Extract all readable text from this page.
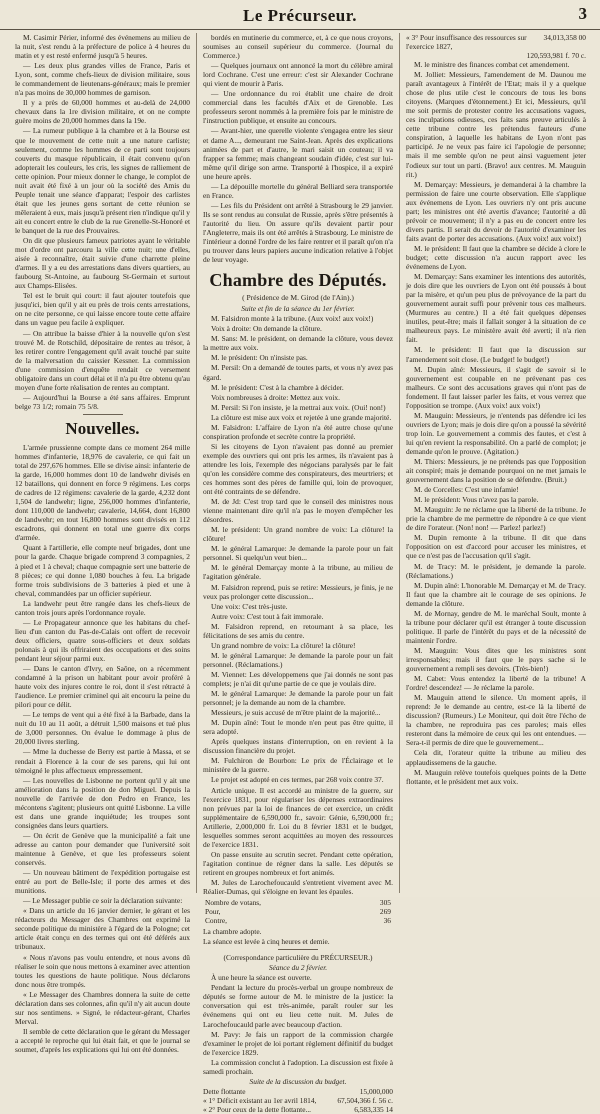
Le Précurseur.	3

M. Casimir Périer, informé des événemens au milieu de la nuit, s'est rendu à la préfecture de police à 4 heures du matin et y est resté enfermé jusqu'à 5 heures.

— Les deux plus grandes villes de France, Paris et Lyon, sont, comme chefs-lieux de division militaire, sous le commandement de lieutenans-généraux; mais le premier n'a pas moins de 30,000 hommes de garnison.

Il y a près de 60,000 hommes et au-delà de 24,000 chevaux dans la 1re division militaire, et on ne compte guère moins de 20,000 hommes dans la 19e.

— La rumeur publique à la chambre et à la Bourse est que le mouvement de cette nuit a une nature carliste; seulement, comme les hommes de ce parti sont toujours couverts du masque républicain, il était convenu qu'on adopterait les couleurs, les cris, les signes de ralliement de cette opinion. Pour mieux donner le change, le complot de nuit avait été fixé à un jour où la société des Amis du Peuple tenait une séance d'apparat; l'espoir des carlistes était que les jeunes gens sortant de cette réunion se mêleraient à eux, mais jusqu'à présent rien n'indique qu'il y ait eu concert entre le club de la rue Grenelle-St-Honoré et le banquet de la rue des Prouvaires.

On dit que plusieurs fameux patriotes ayant le véritable mot d'ordre ont parcouru la ville cette nuit; une d'elles, aisée à reconnaître, était suivie d'une charrette pleine d'armes. Il y a eu des arrestations dans divers quartiers, au faubourg St-Antoine, au faubourg St-Germain et surtout aux Champs-Elisées.

Tel est le bruit qui court: il faut ajouter toutefois que jusqu'ici, bien qu'il y ait eu près de trois cents arrestations, on ne cite personne, ce qui laisse encore toute cette affaire dans un vague peu facile à expliquer.

— On attribue la baisse d'hier à la nouvelle qu'on s'est trouvé M. de Rotschild, dépositaire de rentes au trésor, à les retirer contre l'engagement qu'il avait touché par suite de la malversation du caissier Kessner. La commission d'une commission d'enquête rendait ce versement obligatoire dans un court délai et il n'a pu être obtenu qu'au moyen d'une forte réalisation de rentes au comptant.

— Aujourd'hui la Bourse a été sans affaires. Emprunt belge 73 1/2; romain 75 5/8.

Nouvelles.

L'armée prussienne compte dans ce moment 264 mille hommes d'infanterie, 18,976 de cavalerie, ce qui fait un total de 297,676 hommes. Elle se divise ainsi: infanterie de la garde, 16,000 hommes dont 10 de landwehr divisés en 12 bataillons, qui donnent en force 9 régimens. Les corps de cadres de 12 régimens: cavalerie de la garde, 4,232 dont 1,504 de landwehr; ligne, 256,000 hommes d'infanterie, dont 110,000 de landwehr; cavalerie, 14,664, dont 16,800 de landwehr; en tout 16,800 hommes sont divisés en 112 escadrons, qui donnent en total une guerre dix corps d'armée.

Quant à l'artillerie, elle compte neuf brigades, dont une pour la garde. Chaque brigade comprend 3 compagnies, 2 à pied et 1 à cheval; chaque compagnie sert une batterie de 8 pièces; ce qui donne 1,080 bouches à feu. La brigade forme trois subdivisions de 3 batteries à pied et une à cheval, commandées par un officier supérieur.

La landwehr peut être rangée dans les chefs-lieux de canton trois jours après l'ordonnance royale.

— Le Propagateur annonce que les habitans du chef-lieu d'un canton du Pas-de-Calais ont offert de recevoir deux officiers, quatre sous-officiers et deux soldats polonais à qui ils offriraient des occupations et des soins pendant leur séjour parmi eux.

— Dans le canton d'Ivry, en Saône, on a récemment condamné à la prison un habitant pour avoir proféré à haute voix des injures contre le roi, dont il s'est rétracté à l'audience. Le premier criminel qui ait encouru la peine du pilori pour ce délit.

— Le temps de vent qui a été fixé à la Barbade, dans la nuit du 10 au 11 août, a détruit 1,500 maisons et tué plus de 3,000 personnes. On évalue le dommage à plus de 20,000 livres sterling.

— Mme la duchesse de Berry est partie à Massa, et se rendait à Florence à la cour de ses parens, qui lui ont témoigné le plus affectueux empressement.

— Les nouvelles de Lisbonne ne portent qu'il y ait une amélioration dans la position de don Miguel. Depuis la nouvelle de l'arrivée de don Pedro en France, les mécontens s'agitent; plusieurs ont quitté Lisbonne. La ville est dans une grande inquiétude; les troupes sont consignées dans leurs quartiers.

— On écrit de Genève que la municipalité a fait une adresse au canton pour demander que l'université soit maintenue à Genève, et que les professeurs soient conservés.

— Un nouveau bâtiment de l'expédition portugaise est entré au port de Belle-Isle; il porte des armes et des munitions.

— Le Messager publie ce soir la déclaration suivante:

« Dans un article du 16 janvier dernier, le gérant et les rédacteurs du Messager des Chambres ont exprimé la seconde politique du ministère à l'égard de la Pologne; cet article était conçu en des termes qui ont été déférés aux tribunaux.

« Nous n'avons pas voulu entendre, et nous avons dû réaliser le soin que nous mettons à examiner avec attention toutes les questions de haute politique. Nous déclarons donc nous être trompés.

« Le Messager des Chambres donnera la suite de cette déclaration dans ses colonnes, afin qu'il n'y ait aucun doute sur nos sentimens. » Signé, le rédacteur-gérant, Charles Merval.

Il semble de cette déclaration que le gérant du Messager a accepté le reproche qui lui était fait, et que le journal se soumet, d'après les explications qui lui ont été données.

bordés en mutinerie du commerce, et, à ce que nous croyons, soumises au conseil supérieur du commerce. (Journal du Commerce.)

— Quelques journaux ont annoncé la mort du célèbre amiral lord Cochrane. C'est une erreur: c'est sir Alexander Cochrane qui vient de mourir à Paris.

— Une ordonnance du roi établit une chaire de droit commercial dans les facultés d'Aix et de Grenoble. Les professeurs seront nommés à la première fois par le ministre de l'instruction publique, et ensuite au concours.

— Avant-hier, une querelle violente s'engagea entre les sieur et dame A..., demeurant rue Saint-Jean. Après des explications animées de part et d'autre, le mari saisit un couteau; il va frapper sa femme; mais changeant soudain d'idée, c'est sur lui-même qu'il dirige son arme. Transporté à l'hospice, il a expiré une heure après.

— La dépouille mortelle du général Belliard sera transportée en France.

— Les fils du Président ont arrêté à Strasbourg le 29 janvier. Ils se sont rendus au consulat de Russie, après s'être présentés à l'autorité du lieu. On assure qu'ils devaient partir pour l'Angleterre, mais ils ont été arrêtés à Strasbourg. Le ministre de l'intérieur a donné l'ordre de les faire rentrer et il paraît qu'on n'a pu trouver dans leurs papiers aucune indication relative à l'objet de leur voyage.

Chambre des Députés.
( Présidence de M. Girod (de l'Ain).)

Suite et fin de la séance du 1er février.

M. Falsidron monte à la tribune. (Aux voix! aux voix!)

Voix à droite: On demande la clôture.

M. Sans: M. le président, on demande la clôture, vous devez la mettre aux voix.

M. le président: On n'insiste pas.

M. Persil: On a demandé de toutes parts, et vous n'y avez pas égard.

M. le président: C'est à la chambre à décider.

Voix nombreuses à droite: Mettez aux voix.

M. Persil: Si l'on insiste, je la mettrai aux voix. (Oui! non!)

La clôture est mise aux voix et rejetée à une grande majorité.

M. Falsidron: L'affaire de Lyon n'a été autre chose qu'une conspiration profonde et secrète contre la propriété.

Si les citoyens de Lyon n'avaient pas donné au premier exemple des ouvriers qui ont pris les armes, ils n'avaient pas à attendre les lois, l'exemple des négocians paralysés par le fait qu'on les considère comme des conspirateurs, des meurtriers; et ces hommes sont des pères de famille qui, loin de provoquer, ont été contraints de se défendre.

M. de Jd: C'est trop tard que le conseil des ministres nous vienne maintenant dire qu'il n'a pas le moyen d'empêcher les désordres.

M. le président: Un grand nombre de voix: La clôture! la clôture!

M. le général Lamarque: Je demande la parole pour un fait personnel. Si quelqu'un veut bien...

M. le général Demarçay monte à la tribune, au milieu de l'agitation générale.

M. Falsidron reprend, puis se retire: Messieurs, je finis, je ne veux pas prolonger cette discussion...

Une voix: C'est très-juste.

Autre voix: C'est tout à fait immorale.

M. Falsidron reprend, en retournant à sa place, les félicitations de ses amis du centre.

Un grand nombre de voix: La clôture! la clôture!

M. le général Lamarque: Je demande la parole pour un fait personnel. (Réclamations.)

M. Viennet: Les développemens que j'ai donnés ne sont pas complets; je n'ai dit qu'une partie de ce que je voulais dire.

M. le général Lamarque: Je demande la parole pour un fait personnel; je la demande au nom de la chambre.

Messieurs, je suis accusé de m'être plaint de la majorité...

M. Dupin aîné: Tout le monde n'en peut pas être quitte, il sera adopté.

Après quelques instans d'interruption, on en revient à la discussion financière du projet.

M. Fulchiron de Bourbon: Le prix de l'Éclairage et le ministère de la guerre.

Le projet est adopté en ces termes, par 268 voix contre 37.

Article unique. Il est accordé au ministre de la guerre, sur l'exercice 1831, pour régulariser les dépenses extraordinaires non prévues par la loi de finances de cet exercice, un crédit supplémentaire de 6,590,000 fr., savoir: Génie, 6,590,000 fr.; Artillerie, 2,000,000 fr. Loi du 8 février 1831 et le budget, lesquelles sommes seront acquittées au moyen des ressources de l'exercice 1831.

On passe ensuite au scrutin secret. Pendant cette opération, l'agitation continue de régner dans la salle. Les députés se retirent en groupes nombreux et fort animés.

M. Jules de Larochefoucauld s'entretient vivement avec M. Réalier-Dumas, qui s'éloigne en levant les épaules.

Nombre de votans,	305
Pour,	269
Contre,	36

La chambre adopte.

La séance est levée à cinq heures et demie.

(Correspondance particulière du PRÉCURSEUR.)

Séance du 2 février.

À une heure la séance est ouverte.

Pendant la lecture du procès-verbal un groupe nombreux de députés se forme autour de M. le ministre de la justice: la conversation qui est très-animée, paraît rouler sur les événemens qui ont eu lieu cette nuit. M. Jules de Larochefoucauld parle avec beaucoup d'action.

M. Pavy: Je fais un rapport de la commission chargée d'examiner le projet de loi portant règlement définitif du budget de l'exercice 1829.

La commission conclut à l'adoption. La discussion est fixée à samedi prochain.

Suite de la discussion du budget.

Dette flottante	15,000,000
« 1° Déficit existant au 1er avril 1814,	67,504,366 f. 56 c.
« 2° Pour ceux de la dette flottante...	6,583,335 14
« 3° Pour insuffisance des ressources sur l'exercice 1827,
34,013,358 00
120,593,981 f. 70 c.

M. le ministre des finances combat cet amendement.

M. Jolliet: Messieurs, l'amendement de M. Daunou me paraît avantageux à l'intérêt de l'Etat; mais il y a quelque chose de plus utile c'est le concours de tous les bons citoyens. (Marques d'étonnement.) Et ici, Messieurs, qu'il me soit permis de protester contre les accusations vagues, ces inculpations odieuses, ces faits sans preuve articulés à cette tribune contre les prétendus fauteurs d'une conspiration, à laquelle les habitans de Lyon n'ont pas participé. Je ne veux pas faire ici l'apologie de personne; mais il me semble qu'on ne peut ainsi vaguement jeter l'odieux sur tout un parti. (Bravo! aux centres. M. Mauguin rit.)

M. Demarçay: Messieurs, je demanderai à la chambre la permission de faire une courte observation. Elle s'applique aux événemens de Lyon. Les ouvriers n'y ont pris aucune part; les ministres ont été avertis d'avance; l'autorité a dû prévoir ce mouvement; il n'y a pas eu de concert entre les divers partis. Il serait du devoir de l'autorité d'examiner les faits avant de porter des accusations. (Aux voix! aux voix!)

M. le président: Il faut que la chambre se décide à clore le budget; cette discussion n'a aucun rapport avec les événemens de Lyon.

M. Demarçay: Sans examiner les intentions des autorités, je dois dire que les ouvriers de Lyon ont été poussés à bout par la misère, et qu'un peu plus de prévoyance de la part du gouvernement aurait suffi pour prévenir tous ces malheurs. (Murmures au centre.) Il a été fait quelques dépenses inutiles, peut-être; mais il fallait songer à la situation de ce malheureux pays. Le ministère avait été averti; il n'a rien fait.

M. le président: Il faut que la discussion sur l'amendement soit close. (Le budget! le budget!)

M. Dupin aîné: Messieurs, il s'agit de savoir si le gouvernement est coupable en ne prévenant pas ces malheurs. Ce sont des accusations graves qui n'ont pas de fondement. Il faut laisser parler les faits, et vous verrez que l'opposition se trompe. (Aux voix! aux voix!)

M. Mauguin: Messieurs, je n'entends pas défendre ici les ouvriers de Lyon; mais je dois dire qu'on a poussé la sévérité trop loin. Le gouvernement a commis des fautes, et c'est à lui qu'en revient la responsabilité. On a parlé de complot; je demande qu'on le prouve. (Agitation.)

M. Thiers: Messieurs, je ne prétends pas que l'opposition ait conspiré; mais je demande pourquoi on ne met jamais le gouvernement dans la position de se défendre. (Bruit.)

M. de Corcelles: C'est une infamie!

M. le président: Vous n'avez pas la parole.

M. Mauguin: Je ne réclame que la liberté de la tribune. Je prie la chambre de me permettre de répondre à ce que vient de dire l'orateur. (Non! non! — Parlez! parlez!)

M. Dupin remonte à la tribune. Il dit que dans l'opposition on est d'accord pour accuser les ministres, et que ce n'est pas de l'accusation qu'il s'agit.

M. de Tracy: M. le président, je demande la parole. (Réclamations.)

M. Dupin aîné: L'honorable M. Demarçay et M. de Tracy. Il faut que la chambre ait le courage de ses opinions. Je demande la clôture.

M. de Mornay, gendre de M. le maréchal Soult, monte à la tribune pour déclarer qu'il est étranger à toute discussion politique. Il parle de l'intérêt du pays et de la nécessité de maintenir l'ordre.

M. Mauguin: Vous dites que les ministres sont irresponsables; mais il faut que le pays sache si le gouvernement a rempli ses devoirs. (Très-bien!)

M. Cabet: Vous entendez la liberté de la tribune! A l'ordre! descendez! — Je réclame la parole.

M. Mauguin attend le silence. Un moment après, il reprend: Je le demande au centre, est-ce là la liberté de discussion? (Rumeurs.) Le Moniteur, qui doit être l'écho de la chambre, ne reproduira pas ces paroles; mais elles resteront dans la mémoire de ceux qui les ont entendues. — Sera-t-il permis de dire que le gouvernement...

Cela dit, l'orateur quitte la tribune au milieu des applaudissemens de la gauche.

M. Mauguin relève toutefois quelques points de la Dette flottante, et le président met aux voix.
